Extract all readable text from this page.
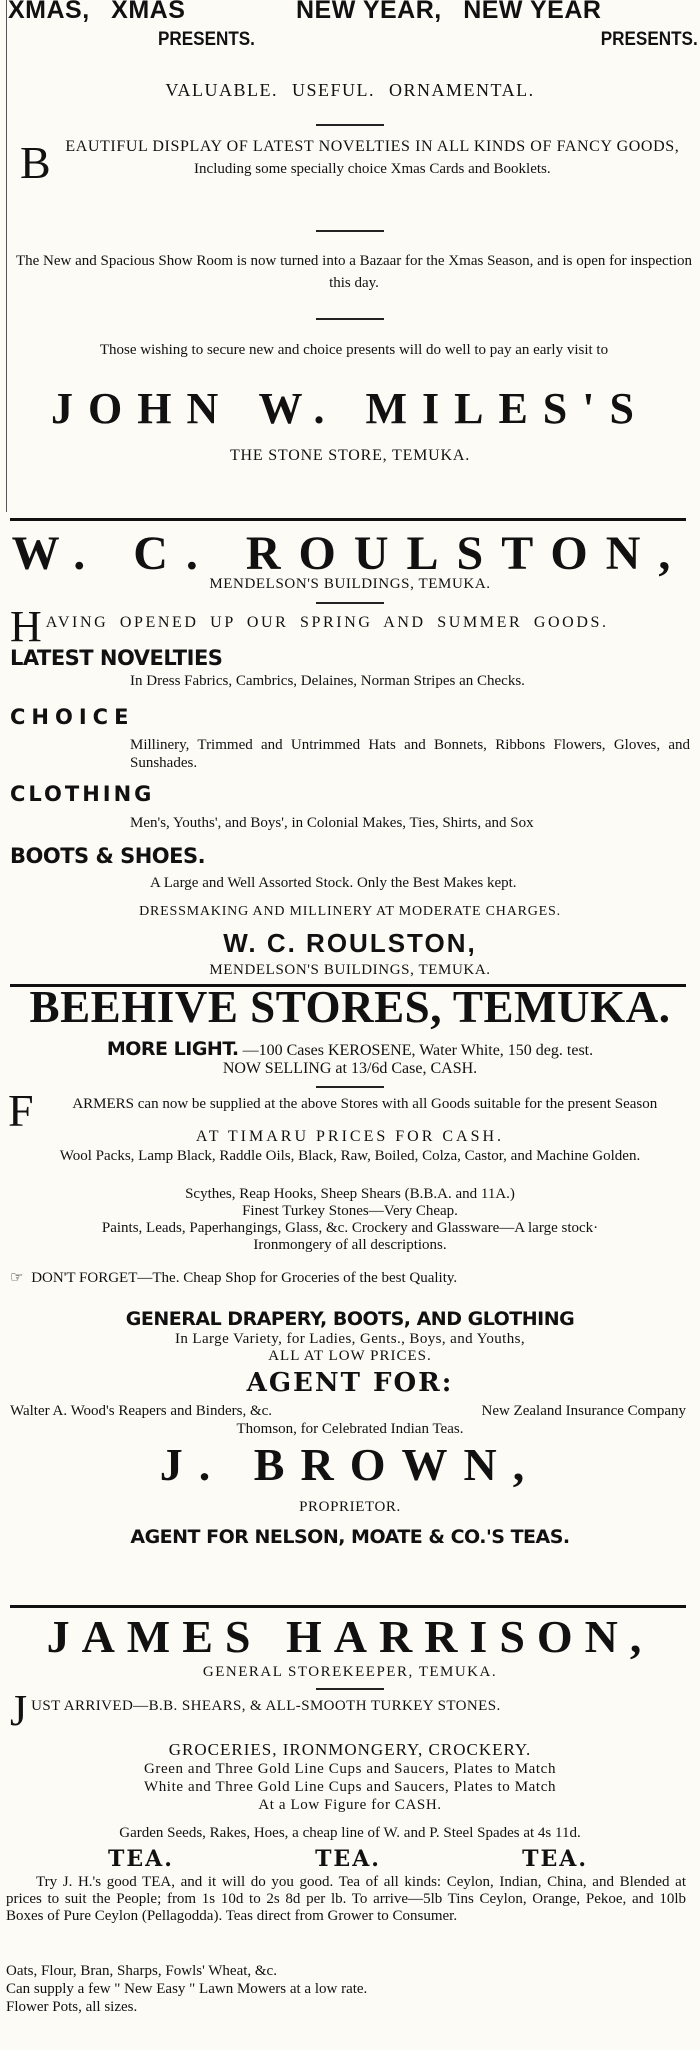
XMAS, XMAS
PRESENTS.
NEW YEAR, NEW YEAR
PRESENTS.
VALUABLE. USEFUL. ORNAMENTAL.
B EAUTIFUL DISPLAY OF LATEST NOVELTIES IN ALL KINDS OF FANCY GOODS,
Including some specially choice Xmas Cards and Booklets.
The New and Spacious Show Room is now turned into a Bazaar for the Xmas Season, and is open for inspection this day.
Those wishing to secure new and choice presents will do well to pay an early visit to
JOHN W. MILES'S
THE STONE STORE, TEMUKA.
W. C. ROULSTON,
MENDELSON'S BUILDINGS, TEMUKA.
H AVING OPENED UP OUR SPRING AND SUMMER GOODS.
LATEST NOVELTIES
In Dress Fabrics, Cambrics, Delaines, Norman Stripes an Checks.
CHOICE
Millinery, Trimmed and Untrimmed Hats and Bonnets, Ribbons Flowers, Gloves, and Sunshades.
CLOTHING
Men's, Youths', and Boys', in Colonial Makes, Ties, Shirts, and Sox
BOOTS & SHOES.
A Large and Well Assorted Stock. Only the Best Makes kept.
DRESSMAKING AND MILLINERY AT MODERATE CHARGES.
W. C. ROULSTON,
MENDELSON'S BUILDINGS, TEMUKA.
BEEHIVE STORES, TEMUKA.
MORE LIGHT. —100 Cases KEROSENE, Water White, 150 deg. test.
NOW SELLING at 13/6d Case, CASH.
F	ARMERS can now be supplied at the above Stores with all Goods suitable for the present Season
AT TIMARU PRICES FOR CASH.
Wool Packs, Lamp Black, Raddle Oils, Black, Raw, Boiled, Colza, Castor, and Machine Golden.
Scythes, Reap Hooks, Sheep Shears (B.B.A. and 11A.)
Finest Turkey Stones—Very Cheap.
Paints, Leads, Paperhangings, Glass, &c. Crockery and Glassware—A large stock·
Ironmongery of all descriptions.
☞ DON'T FORGET—The. Cheap Shop for Groceries of the best Quality.
GENERAL DRAPERY, BOOTS, AND GLOTHING
In Large Variety, for Ladies, Gents., Boys, and Youths,
ALL AT LOW PRICES.
AGENT FOR:
Walter A. Wood's Reapers and Binders, &c.	New Zealand Insurance Company
Thomson, for Celebrated Indian Teas.
J. BROWN,
PROPRIETOR.
AGENT FOR NELSON, MOATE & CO.'S TEAS.
JAMES HARRISON,
GENERAL STOREKEEPER, TEMUKA.
J UST ARRIVED—B.B. SHEARS, & ALL-SMOOTH TURKEY STONES.
GROCERIES, IRONMONGERY, CROCKERY.
Green and Three Gold Line Cups and Saucers, Plates to Match
White and Three Gold Line Cups and Saucers, Plates to Match
At a Low Figure for CASH.
Garden Seeds, Rakes, Hoes, a cheap line of W. and P. Steel Spades at 4s 11d.
TEA.	TEA.	TEA.
Try J. H.'s good TEA, and it will do you good. Tea of all kinds: Ceylon, Indian, China, and Blended at prices to suit the People; from 1s 10d to 2s 8d per lb. To arrive—5lb Tins Ceylon, Orange, Pekoe, and 10lb Boxes of Pure Ceylon (Pellagodda). Teas direct from Grower to Consumer.
Oats, Flour, Bran, Sharps, Fowls' Wheat, &c.
Can supply a few " New Easy " Lawn Mowers at a low rate.
Flower Pots, all sizes.
